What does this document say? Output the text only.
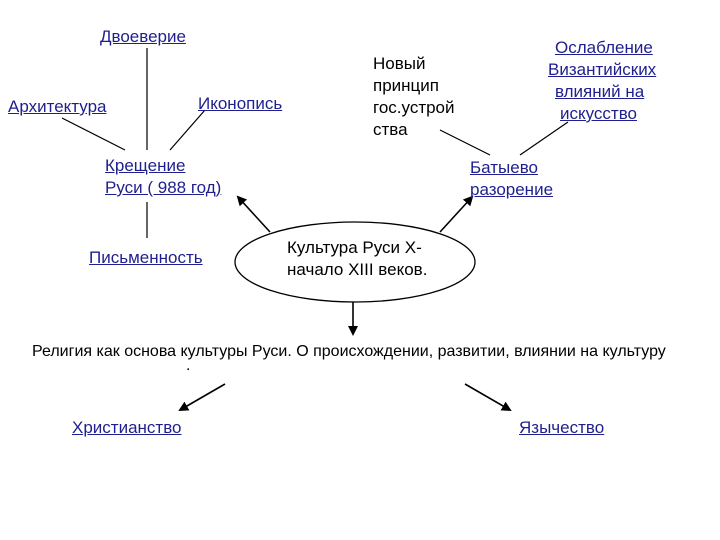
Двоеверие
Архитектура	Иконопись
Крещение
Руси ( 988 год)
Письменность
Новый
принцип
гос.устрой
ства
Ослабление
Византийских
влияний на
искусство
Батыево
разорение
Культура Руси X-
начало XIII веков.
Религия как основа культуры Руси. О происхождении, развитии, влиянии на культуру
.
Христианство	Язычество
